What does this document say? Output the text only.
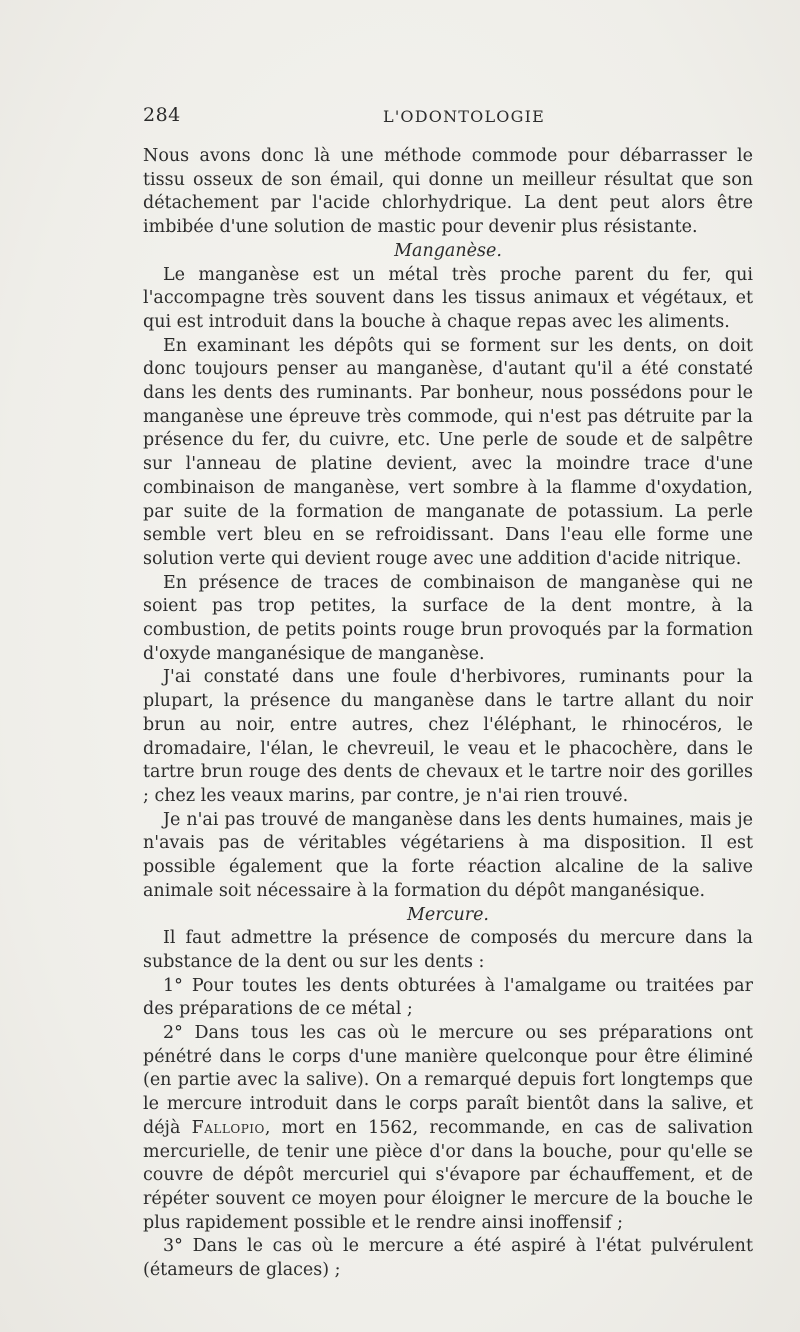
284	L'ODONTOLOGIE

Nous avons donc là une méthode commode pour débarrasser le tissu osseux de son émail, qui donne un meilleur résultat que son détachement par l'acide chlorhydrique. La dent peut alors être imbibée d'une solution de mastic pour devenir plus résistante.

Manganèse.

Le manganèse est un métal très proche parent du fer, qui l'accompagne très souvent dans les tissus animaux et végétaux, et qui est introduit dans la bouche à chaque repas avec les aliments.

En examinant les dépôts qui se forment sur les dents, on doit donc toujours penser au manganèse, d'autant qu'il a été constaté dans les dents des ruminants. Par bonheur, nous possédons pour le manganèse une épreuve très commode, qui n'est pas détruite par la présence du fer, du cuivre, etc. Une perle de soude et de salpêtre sur l'anneau de platine devient, avec la moindre trace d'une combinaison de manganèse, vert sombre à la flamme d'oxydation, par suite de la formation de manganate de potassium. La perle semble vert bleu en se refroidissant. Dans l'eau elle forme une solution verte qui devient rouge avec une addition d'acide nitrique.

En présence de traces de combinaison de manganèse qui ne soient pas trop petites, la surface de la dent montre, à la combustion, de petits points rouge brun provoqués par la formation d'oxyde manganésique de manganèse.

J'ai constaté dans une foule d'herbivores, ruminants pour la plupart, la présence du manganèse dans le tartre allant du noir brun au noir, entre autres, chez l'éléphant, le rhinocéros, le dromadaire, l'élan, le chevreuil, le veau et le phacochère, dans le tartre brun rouge des dents de chevaux et le tartre noir des gorilles ; chez les veaux marins, par contre, je n'ai rien trouvé.

Je n'ai pas trouvé de manganèse dans les dents humaines, mais je n'avais pas de véritables végétariens à ma disposition. Il est possible également que la forte réaction alcaline de la salive animale soit nécessaire à la formation du dépôt manganésique.

Mercure.

Il faut admettre la présence de composés du mercure dans la substance de la dent ou sur les dents :

1° Pour toutes les dents obturées à l'amalgame ou traitées par des préparations de ce métal ;

2° Dans tous les cas où le mercure ou ses préparations ont pénétré dans le corps d'une manière quelconque pour être éliminé (en partie avec la salive). On a remarqué depuis fort longtemps que le mercure introduit dans le corps paraît bientôt dans la salive, et déjà Fallopio, mort en 1562, recommande, en cas de salivation mercurielle, de tenir une pièce d'or dans la bouche, pour qu'elle se couvre de dépôt mercuriel qui s'évapore par échauffement, et de répéter souvent ce moyen pour éloigner le mercure de la bouche le plus rapidement possible et le rendre ainsi inoffensif ;

3° Dans le cas où le mercure a été aspiré à l'état pulvérulent (étameurs de glaces) ;
